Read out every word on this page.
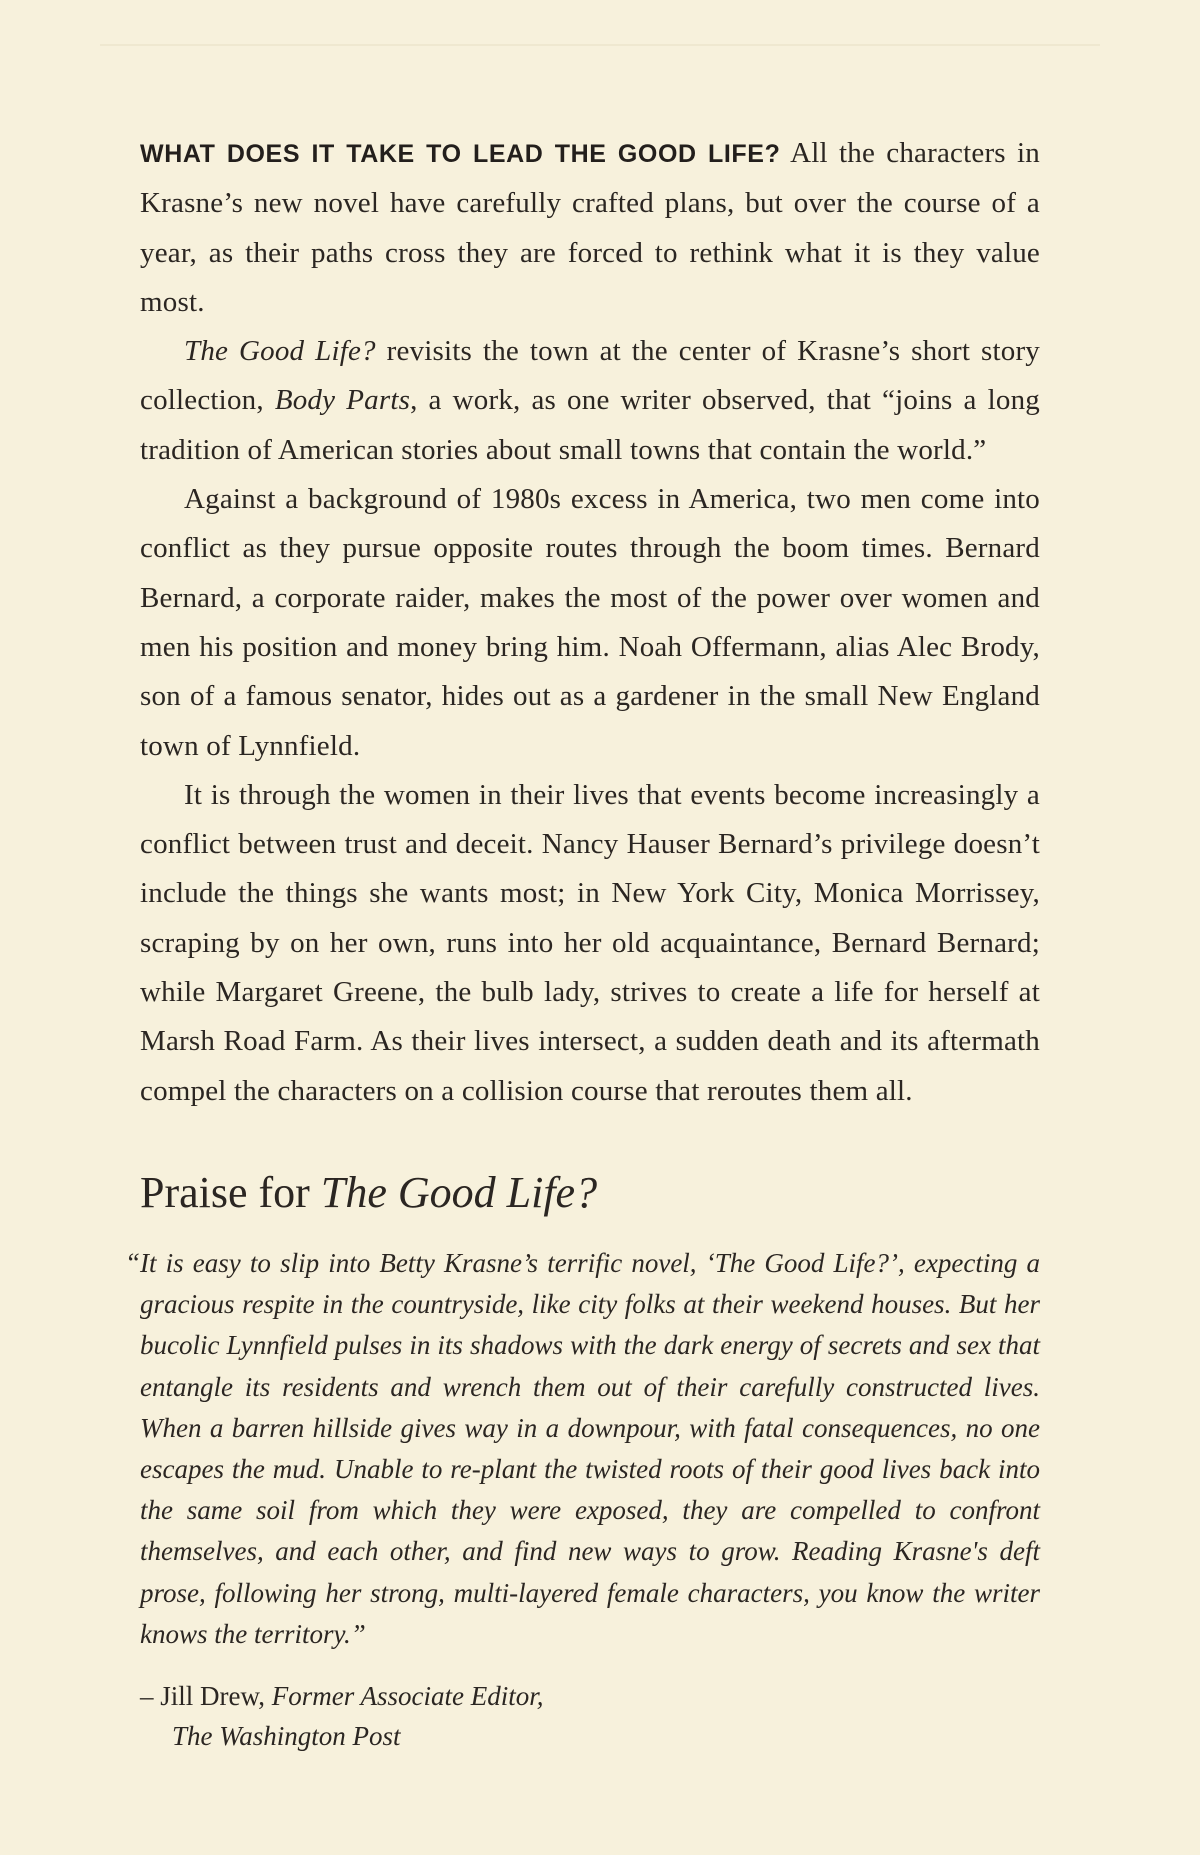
WHAT DOES IT TAKE TO LEAD THE GOOD LIFE? All the characters in Krasne’s new novel have carefully crafted plans, but over the course of a year, as their paths cross they are forced to rethink what it is they value most.

The Good Life? revisits the town at the center of Krasne’s short story collection, Body Parts, a work, as one writer observed, that “joins a long tradition of American stories about small towns that contain the world.”

Against a background of 1980s excess in America, two men come into conflict as they pursue opposite routes through the boom times. Bernard Bernard, a corporate raider, makes the most of the power over women and men his position and money bring him. Noah Offermann, alias Alec Brody, son of a famous senator, hides out as a gardener in the small New England town of Lynnfield.

It is through the women in their lives that events become increasingly a conflict between trust and deceit. Nancy Hauser Bernard’s privilege doesn’t include the things she wants most; in New York City, Monica Morrissey, scraping by on her own, runs into her old acquaintance, Bernard Bernard; while Margaret Greene, the bulb lady, strives to create a life for herself at Marsh Road Farm. As their lives intersect, a sudden death and its aftermath compel the characters on a collision course that reroutes them all.

Praise for The Good Life?

“ It is easy to slip into Betty Krasne’s terrific novel, ‘The Good Life?’, expecting a gracious respite in the countryside, like city folks at their weekend houses. But her bucolic Lynnfield pulses in its shadows with the dark energy of secrets and sex that entangle its residents and wrench them out of their carefully constructed lives. When a barren hillside gives way in a downpour, with fatal consequences, no one escapes the mud. Unable to re-plant the twisted roots of their good lives back into the same soil from which they were exposed, they are compelled to confront themselves, and each other, and find new ways to grow. Reading Krasne's deft prose, following her strong, multi-layered female characters, you know the writer knows the territory.”

– Jill Drew, Former Associate Editor,
The Washington Post
